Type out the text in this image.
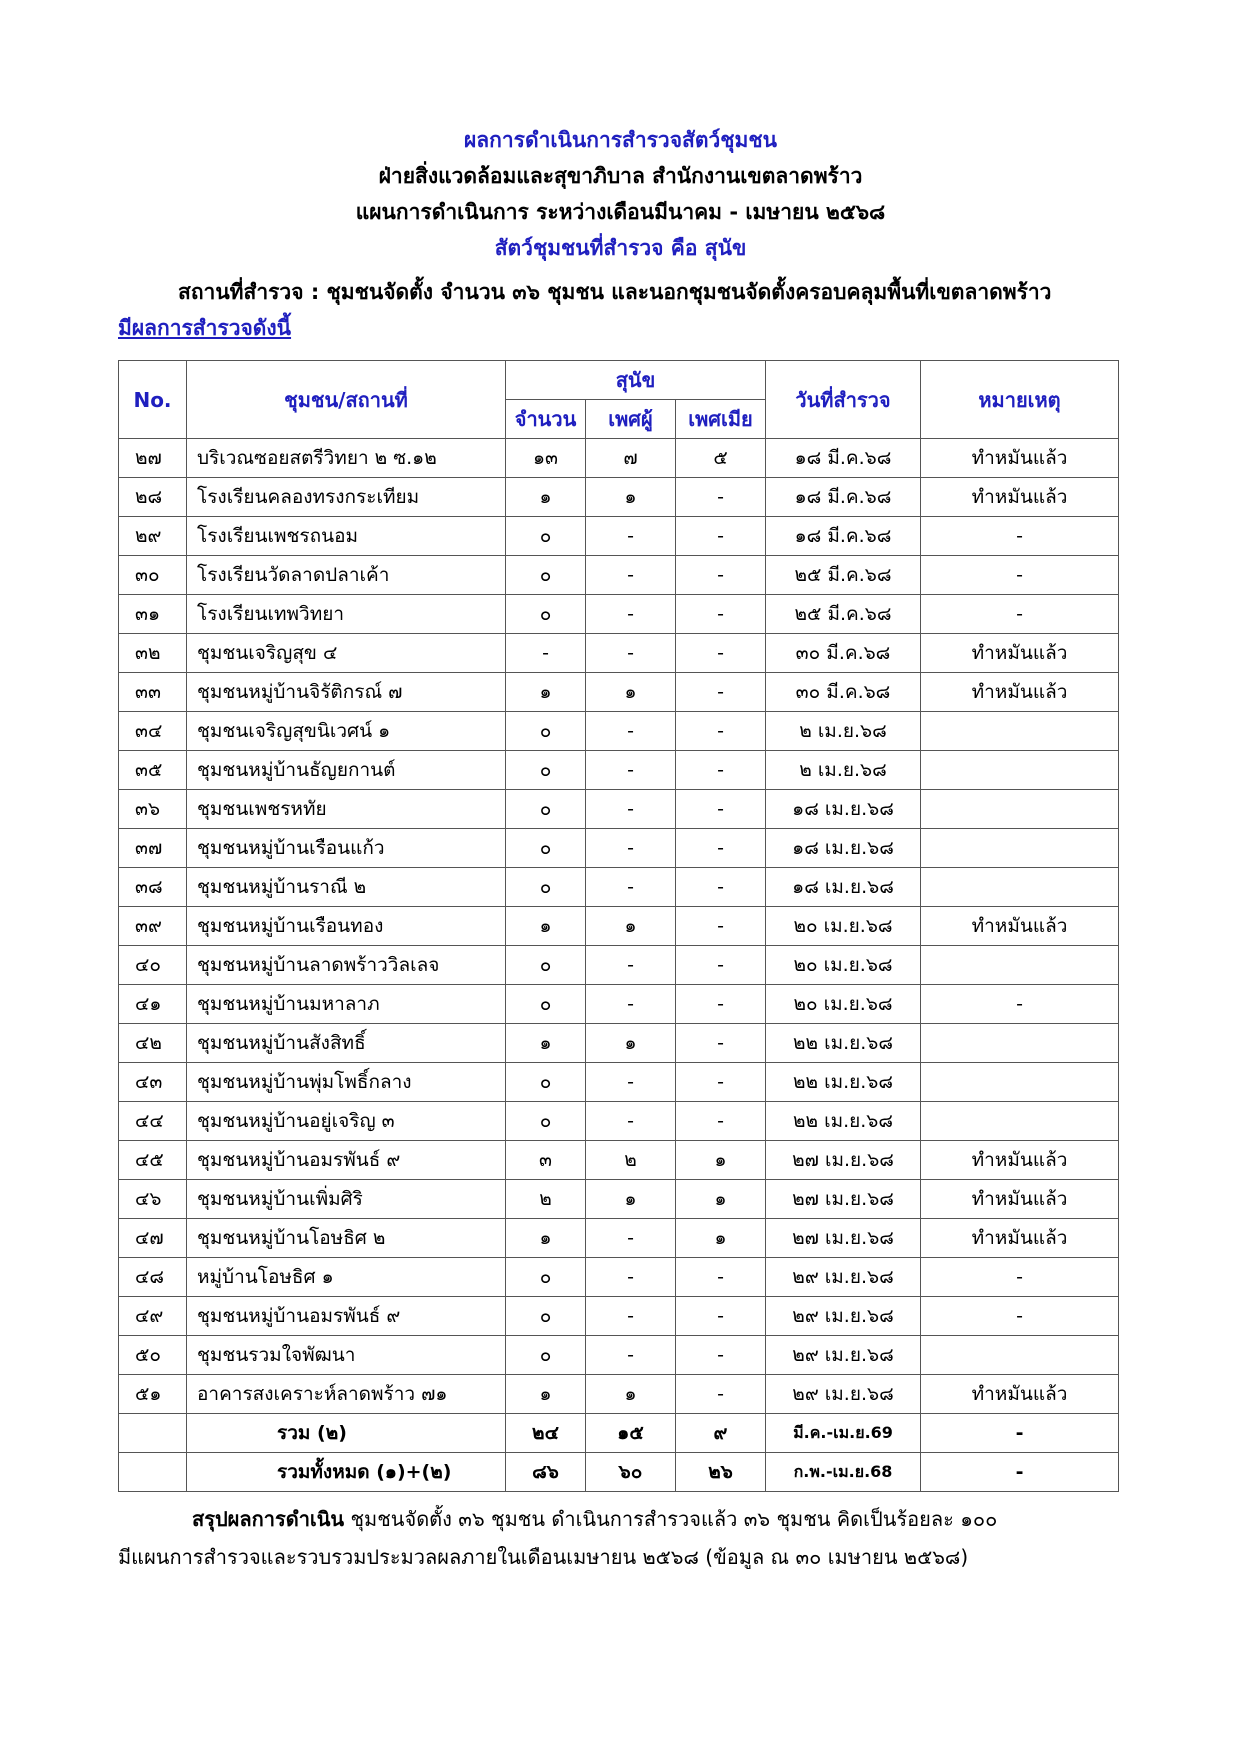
ผลการดำเนินการสำรวจสัตว์ชุมชน
ฝ่ายสิ่งแวดล้อมและสุขาภิบาล สำนักงานเขตลาดพร้าว
แผนการดำเนินการ ระหว่างเดือนมีนาคม - เมษายน ๒๕๖๘
สัตว์ชุมชนที่สำรวจ คือ สุนัข
สถานที่สำรวจ : ชุมชนจัดตั้ง จำนวน ๓๖ ชุมชน และนอกชุมชนจัดตั้งครอบคลุมพื้นที่เขตลาดพร้าว
มีผลการสำรวจดังนี้
No.	ชุมชน/สถานที่	สุนัข			วันที่สำรวจ	หมายเหตุ
		จำนวน	เพศผู้	เพศเมีย		
๒๗	บริเวณซอยสตรีวิทยา ๒ ซ.๑๒	๑๓	๗	๕	๑๘ มี.ค.๖๘	ทำหมันแล้ว
๒๘	โรงเรียนคลองทรงกระเทียม	๑	๑	-	๑๘ มี.ค.๖๘	ทำหมันแล้ว
๒๙	โรงเรียนเพชรถนอม	๐	-	-	๑๘ มี.ค.๖๘	-
๓๐	โรงเรียนวัดลาดปลาเค้า	๐	-	-	๒๕ มี.ค.๖๘	-
๓๑	โรงเรียนเทพวิทยา	๐	-	-	๒๕ มี.ค.๖๘	-
๓๒	ชุมชนเจริญสุข ๔	-	-	-	๓๐ มี.ค.๖๘	ทำหมันแล้ว
๓๓	ชุมชนหมู่บ้านจิรัติกรณ์ ๗	๑	๑	-	๓๐ มี.ค.๖๘	ทำหมันแล้ว
๓๔	ชุมชนเจริญสุขนิเวศน์ ๑	๐	-	-	๒ เม.ย.๖๘	
๓๕	ชุมชนหมู่บ้านธัญยกานต์	๐	-	-	๒ เม.ย.๖๘	
๓๖	ชุมชนเพชรหทัย	๐	-	-	๑๘ เม.ย.๖๘	
๓๗	ชุมชนหมู่บ้านเรือนแก้ว	๐	-	-	๑๘ เม.ย.๖๘	
๓๘	ชุมชนหมู่บ้านราณี ๒	๐	-	-	๑๘ เม.ย.๖๘	
๓๙	ชุมชนหมู่บ้านเรือนทอง	๑	๑	-	๒๐ เม.ย.๖๘	ทำหมันแล้ว
๔๐	ชุมชนหมู่บ้านลาดพร้าววิลเลจ	๐	-	-	๒๐ เม.ย.๖๘	
๔๑	ชุมชนหมู่บ้านมหาลาภ	๐	-	-	๒๐ เม.ย.๖๘	-
๔๒	ชุมชนหมู่บ้านสังสิทธิ์	๑	๑	-	๒๒ เม.ย.๖๘	
๔๓	ชุมชนหมู่บ้านพุ่มโพธิ์กลาง	๐	-	-	๒๒ เม.ย.๖๘	
๔๔	ชุมชนหมู่บ้านอยู่เจริญ ๓	๐	-	-	๒๒ เม.ย.๖๘	
๔๕	ชุมชนหมู่บ้านอมรพันธ์ ๙	๓	๒	๑	๒๗ เม.ย.๖๘	ทำหมันแล้ว
๔๖	ชุมชนหมู่บ้านเพิ่มศิริ	๒	๑	๑	๒๗ เม.ย.๖๘	ทำหมันแล้ว
๔๗	ชุมชนหมู่บ้านโอษธิศ ๒	๑	-	๑	๒๗ เม.ย.๖๘	ทำหมันแล้ว
๔๘	หมู่บ้านโอษธิศ ๑	๐	-	-	๒๙ เม.ย.๖๘	-
๔๙	ชุมชนหมู่บ้านอมรพันธ์ ๙	๐	-	-	๒๙ เม.ย.๖๘	-
๕๐	ชุมชนรวมใจพัฒนา	๐	-	-	๒๙ เม.ย.๖๘	
๕๑	อาคารสงเคราะห์ลาดพร้าว ๗๑	๑	๑	-	๒๙ เม.ย.๖๘	ทำหมันแล้ว
	รวม (๒)	๒๔	๑๕	๙	มี.ค.-เม.ย.69	-
	รวมทั้งหมด (๑)+(๒)	๘๖	๖๐	๒๖	ก.พ.-เม.ย.68	-
สรุปผลการดำเนิน ชุมชนจัดตั้ง ๓๖ ชุมชน ดำเนินการสำรวจแล้ว ๓๖ ชุมชน คิดเป็นร้อยละ ๑๐๐
มีแผนการสำรวจและรวบรวมประมวลผลภายในเดือนเมษายน ๒๕๖๘ (ข้อมูล ณ ๓๐ เมษายน ๒๕๖๘)
